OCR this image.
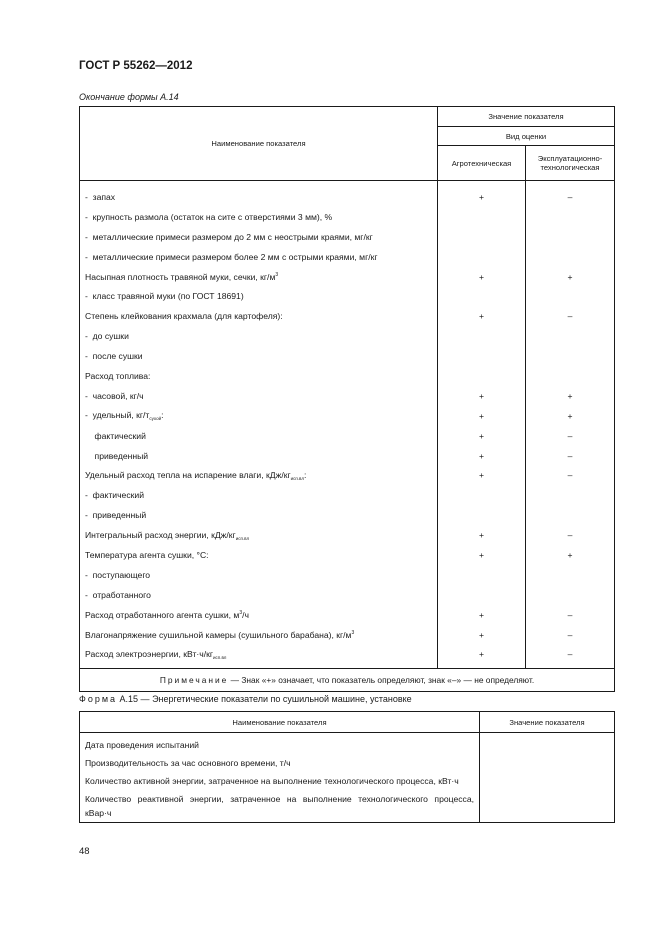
ГОСТ Р 55262—2012
Окончание формы А.14
Наименование показателя	Значение показателя	
	Вид оценки	
	Агротехническая	Эксплуатационно-
технологическая
-  запах	+	–
-  крупность размола (остаток на сите с отверстиями 3 мм), %		
-  металлические примеси размером до 2 мм с неострыми краями, мг/кг		
-  металлические примеси размером более 2 мм с острыми краями, мг/кг		
Насыпная плотность травяной муки, сечки, $кг/м^3$	+	+
-  класс травяной муки (по ГОСТ 18691)		
Степень клейкования крахмала (для картофеля):	+	–
-  до сушки		
-  после сушки		
Расход топлива:		
-  часовой, кг/ч	+	+
-  удельный, $кг/т_{сухой}$:	+	+
фактический	+	–
приведенный	+	–
Удельный расход тепла на испарение влаги, кДж/$кг_{исп.вл}$:	+	–
-  фактический		
-  приведенный		
Интегральный расход энергии, кДж/$кг_{исп.вл}$	+	–
Температура агента сушки, °С:	+	+
-  поступающего		
-  отработанного		
Расход отработанного агента сушки, $м^3/ч$	+	–
Влагонапряжение сушильной камеры (сушильного барабана), $кг/м^3$	+	–
Расход электроэнергии, $кВт\cdot ч/кг_{исп.вл}$	+	–
Примечание — Знак «+» означает, что показатель определяют, знак «–» — не определяют.		
Форма А.15 — Энергетические показатели по сушильной машине, установке
Наименование показателя	Значение показателя
Дата проведения испытаний	
Производительность за час основного времени, т/ч	
Количество активной энергии, затраченное на выполнение технологического процесса, кВт·ч	
Количество реактивной энергии, затраченное на выполнение технологического процесса, кВар·ч	
48
